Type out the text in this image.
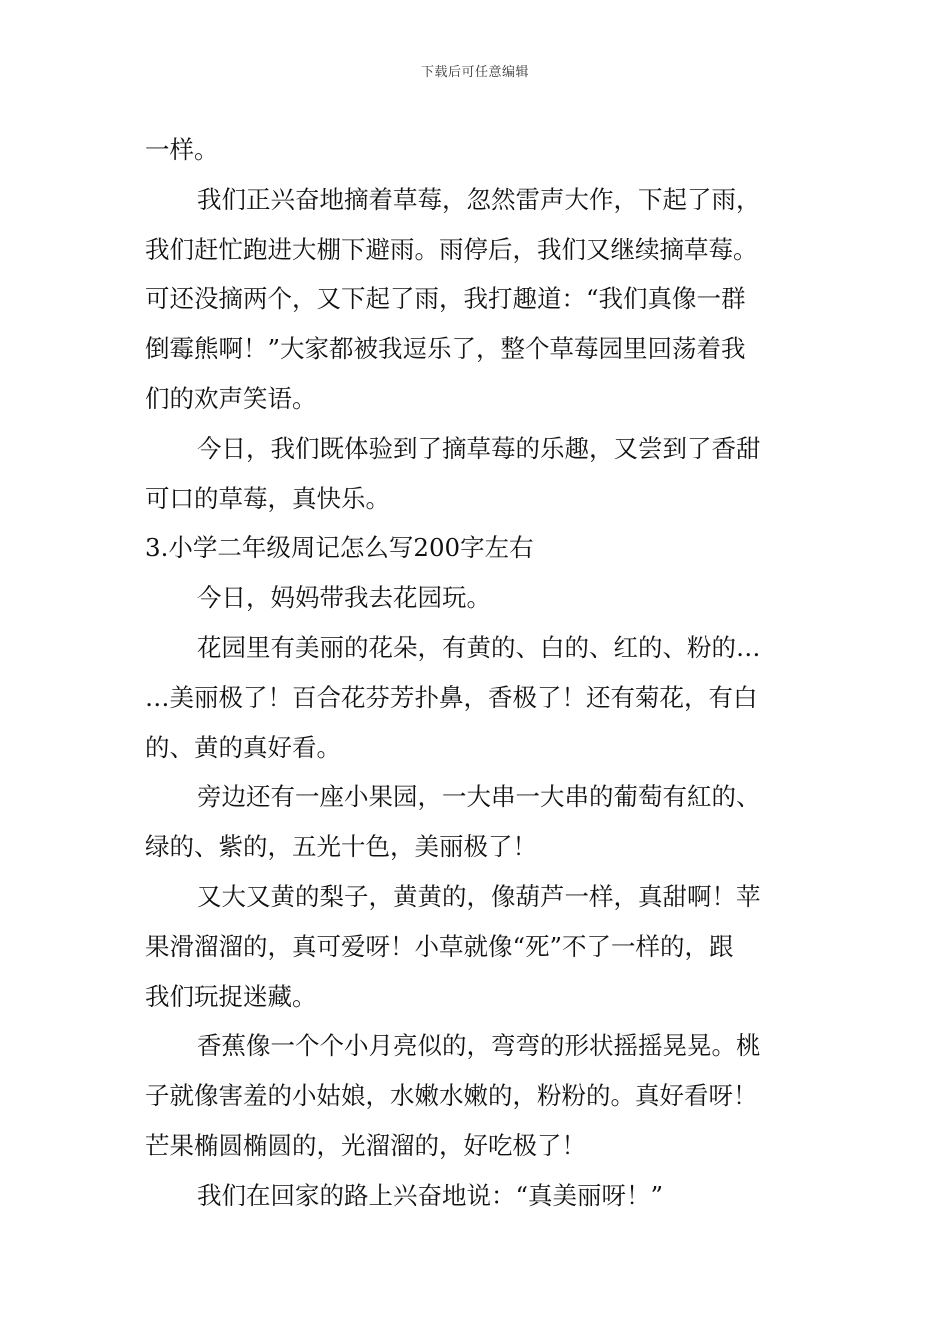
下载后可任意编辑
一样。
我们正兴奋地摘着草莓，忽然雷声大作，下起了雨，
我们赶忙跑进大棚下避雨。雨停后，我们又继续摘草莓。
可还没摘两个，又下起了雨，我打趣道：“我们真像一群
倒霉熊啊！”大家都被我逗乐了，整个草莓园里回荡着我
们的欢声笑语。
今日，我们既体验到了摘草莓的乐趣，又尝到了香甜
可口的草莓，真快乐。
3.小学二年级周记怎么写200字左右
今日，妈妈带我去花园玩。
花园里有美丽的花朵，有黄的、白的、红的、粉的…
…美丽极了！百合花芬芳扑鼻，香极了！还有菊花，有白
的、黄的真好看。
旁边还有一座小果园，一大串一大串的葡萄有紅的、
绿的、紫的，五光十色，美丽极了！
又大又黄的梨子，黄黄的，像葫芦一样，真甜啊！苹
果滑溜溜的，真可爱呀！小草就像“死”不了一样的，跟
我们玩捉迷藏。
香蕉像一个个小月亮似的，弯弯的形状摇摇晃晃。桃
子就像害羞的小姑娘，水嫩水嫩的，粉粉的。真好看呀！
芒果椭圆椭圆的，光溜溜的，好吃极了！
我们在回家的路上兴奋地说：“真美丽呀！”
